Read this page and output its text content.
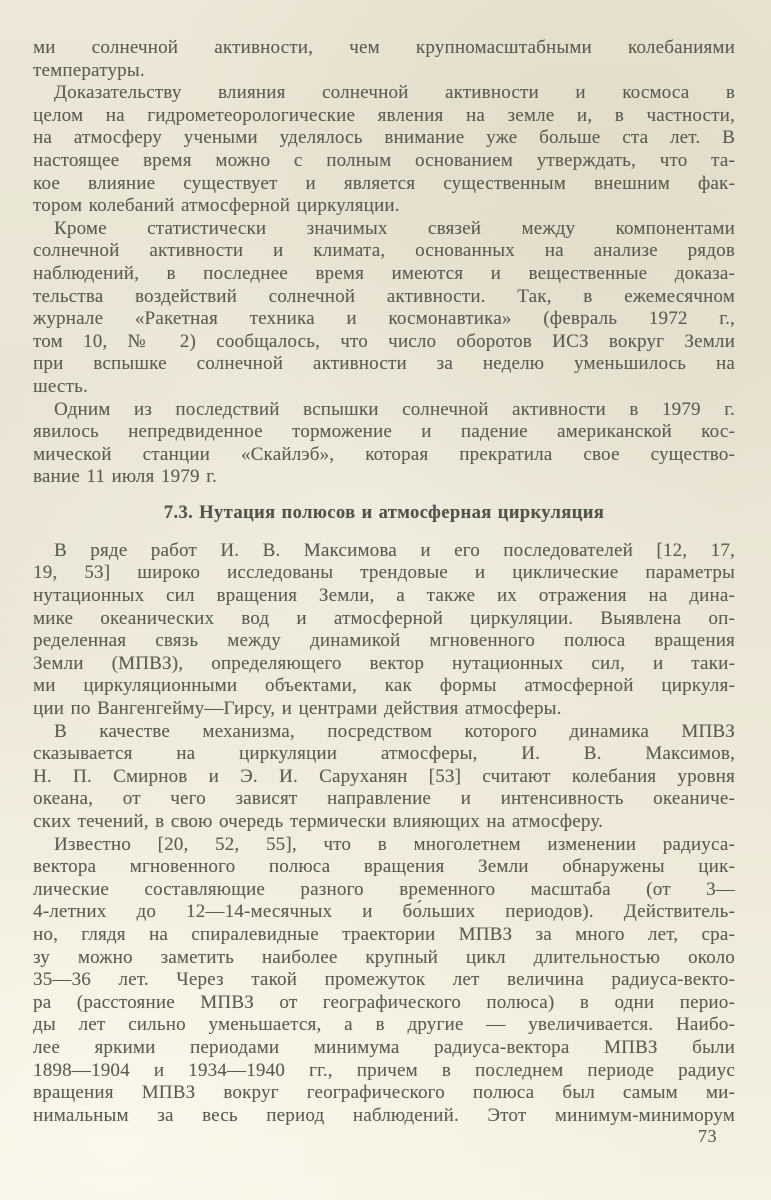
ми солнечной активности, чем крупномасштабными колебаниями
температуры.
Доказательству влияния солнечной активности и космоса в
целом на гидрометеорологические явления на земле и, в частности,
на атмосферу учеными уделялось внимание уже больше ста лет. В
настоящее время можно с полным основанием утверждать, что та-
кое влияние существует и является существенным внешним фак-
тором колебаний атмосферной циркуляции.
Кроме статистически значимых связей между компонентами
солнечной активности и климата, основанных на анализе рядов
наблюдений, в последнее время имеются и вещественные доказа-
тельства воздействий солнечной активности. Так, в ежемесячном
журнале «Ракетная техника и космонавтика» (февраль 1972 г.,
том 10, № 2) сообщалось, что число оборотов ИСЗ вокруг Земли
при вспышке солнечной активности за неделю уменьшилось на
шесть.
Одним из последствий вспышки солнечной активности в 1979 г.
явилось непредвиденное торможение и падение американской кос-
мической станции «Скайлэб», которая прекратила свое существо-
вание 11 июля 1979 г.
7.3. Нутация полюсов и атмосферная циркуляция
В ряде работ И. В. Максимова и его последователей [12, 17,
19, 53] широко исследованы трендовые и циклические параметры
нутационных сил вращения Земли, а также их отражения на дина-
мике океанических вод и атмосферной циркуляции. Выявлена оп-
ределенная связь между динамикой мгновенного полюса вращения
Земли (МПВЗ), определяющего вектор нутационных сил, и таки-
ми циркуляционными объектами, как формы атмосферной циркуля-
ции по Вангенгейму—Гирсу, и центрами действия атмосферы.
В качестве механизма, посредством которого динамика МПВЗ
сказывается на циркуляции атмосферы, И. В. Максимов,
Н. П. Смирнов и Э. И. Саруханян [53] считают колебания уровня
океана, от чего зависят направление и интенсивность океаниче-
ских течений, в свою очередь термически влияющих на атмосферу.
Известно [20, 52, 55], что в многолетнем изменении радиуса-
вектора мгновенного полюса вращения Земли обнаружены цик-
лические составляющие разного временного масштаба (от 3—
4-летних до 12—14-месячных и бо́льших периодов). Действитель-
но, глядя на спиралевидные траектории МПВЗ за много лет, сра-
зу можно заметить наиболее крупный цикл длительностью около
35—36 лет. Через такой промежуток лет величина радиуса-векто-
ра (расстояние МПВЗ от географического полюса) в одни перио-
ды лет сильно уменьшается, а в другие — увеличивается. Наибо-
лее яркими периодами минимума радиуса-вектора МПВЗ были
1898—1904 и 1934—1940 гг., причем в последнем периоде радиус
вращения МПВЗ вокруг географического полюса был самым ми-
нимальным за весь период наблюдений. Этот минимум-миниморум
73
